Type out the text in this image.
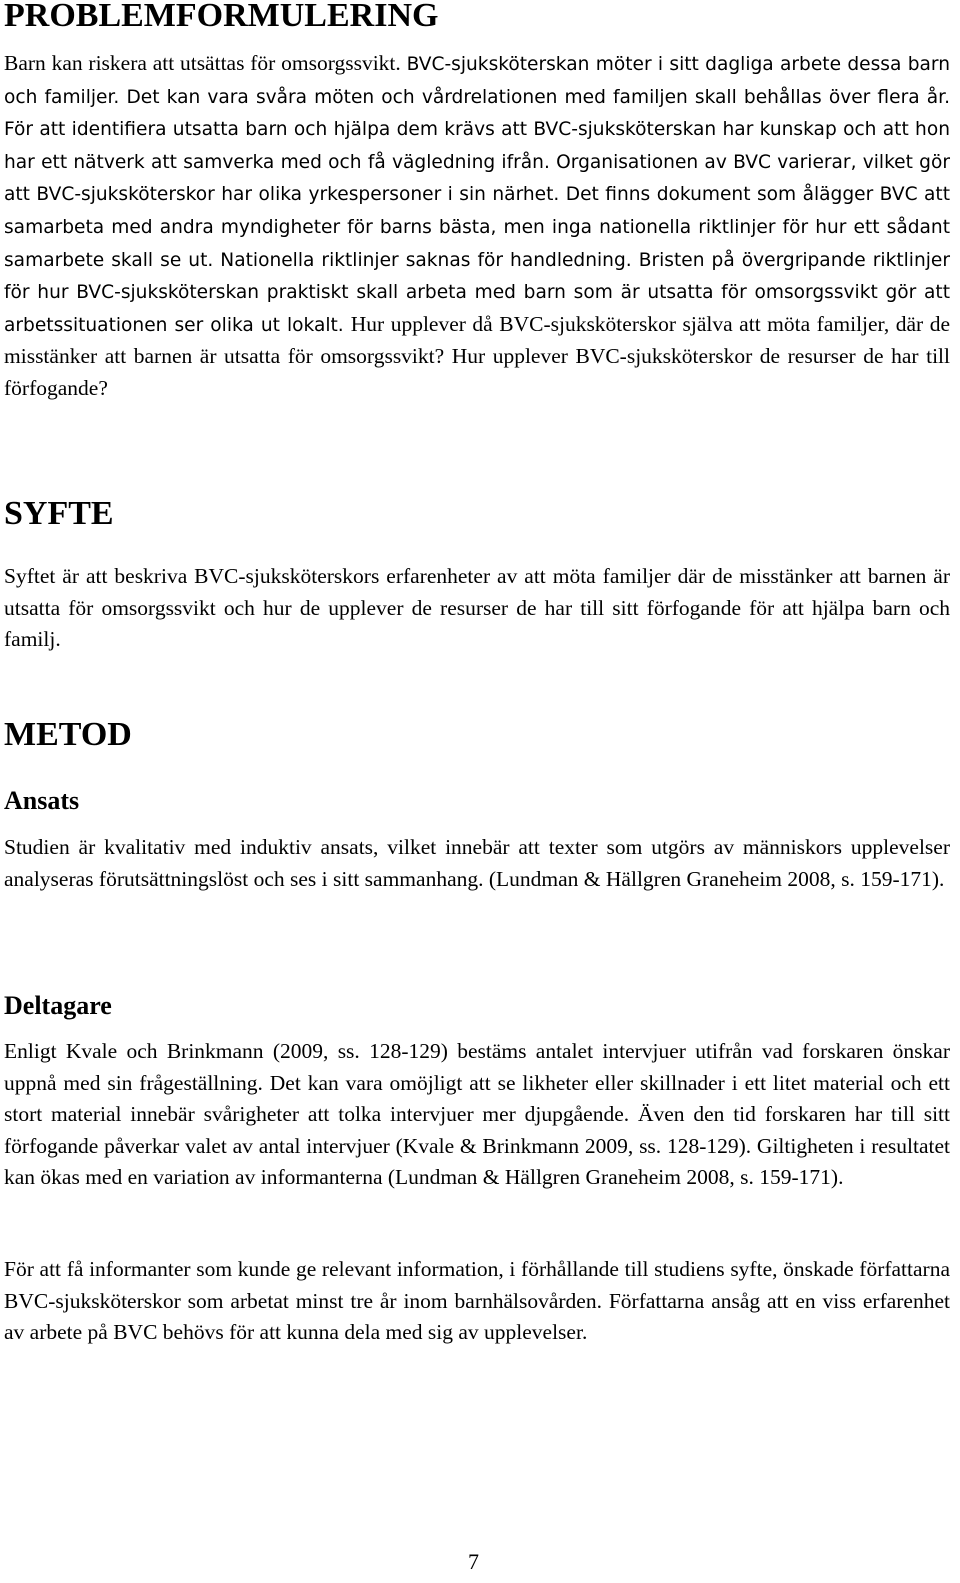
PROBLEMFORMULERING

Barn kan riskera att utsättas för omsorgssvikt. BVC-sjuksköterskan möter i sitt dagliga arbete dessa barn och familjer. Det kan vara svåra möten och vårdrelationen med familjen skall behållas över flera år. För att identifiera utsatta barn och hjälpa dem krävs att BVC-sjuksköterskan har kunskap och att hon har ett nätverk att samverka med och få vägledning ifrån. Organisationen av BVC varierar, vilket gör att BVC-sjuksköterskor har olika yrkespersoner i sin närhet. Det finns dokument som ålägger BVC att samarbeta med andra myndigheter för barns bästa, men inga nationella riktlinjer för hur ett sådant samarbete skall se ut. Nationella riktlinjer saknas för handledning. Bristen på övergripande riktlinjer för hur BVC-sjuksköterskan praktiskt skall arbeta med barn som är utsatta för omsorgssvikt gör att arbetssituationen ser olika ut lokalt. Hur upplever då BVC-sjuksköterskor själva att möta familjer, där de misstänker att barnen är utsatta för omsorgssvikt? Hur upplever BVC-sjuksköterskor de resurser de har till förfogande?

SYFTE

Syftet är att beskriva BVC-sjuksköterskors erfarenheter av att möta familjer där de misstänker att barnen är utsatta för omsorgssvikt och hur de upplever de resurser de har till sitt förfogande för att hjälpa barn och familj.

METOD
Ansats

Studien är kvalitativ med induktiv ansats, vilket innebär att texter som utgörs av människors upplevelser analyseras förutsättningslöst och ses i sitt sammanhang. (Lundman & Hällgren Graneheim 2008, s. 159-171).

Deltagare

Enligt Kvale och Brinkmann (2009, ss. 128-129) bestäms antalet intervjuer utifrån vad forskaren önskar uppnå med sin frågeställning. Det kan vara omöjligt att se likheter eller skillnader i ett litet material och ett stort material innebär svårigheter att tolka intervjuer mer djupgående. Även den tid forskaren har till sitt förfogande påverkar valet av antal intervjuer (Kvale & Brinkmann 2009, ss. 128-129). Giltigheten i resultatet kan ökas med en variation av informanterna (Lundman & Hällgren Graneheim 2008, s. 159-171).

För att få informanter som kunde ge relevant information, i förhållande till studiens syfte, önskade författarna BVC-sjuksköterskor som arbetat minst tre år inom barnhälsovården. Författarna ansåg att en viss erfarenhet av arbete på BVC behövs för att kunna dela med sig av upplevelser.

7
